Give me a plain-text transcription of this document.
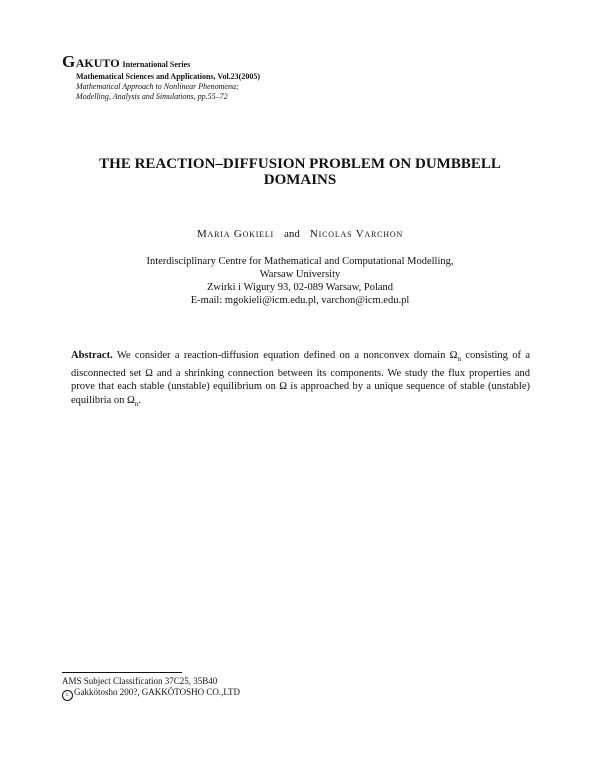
GAKUTO International Series
Mathematical Sciences and Applications, Vol.23(2005)
Mathematical Approach to Nonlinear Phenomena;
Modelling, Analysis and Simulations, pp.55–72
THE REACTION–DIFFUSION PROBLEM ON DUMBBELL
DOMAINS
Maria Gokieli and Nicolas Varchon
Interdisciplinary Centre for Mathematical and Computational Modelling,
Warsaw University
Zwirki i Wigury 93, 02-089 Warsaw, Poland
E-mail: mgokieli@icm.edu.pl, varchon@icm.edu.pl
Abstract. We consider a reaction-diffusion equation defined on a nonconvex domain $\Omega_n$ consisting of a disconnected set Ω and a shrinking connection between its components. We study the flux properties and prove that each stable (unstable) equilibrium on Ω is approached by a unique sequence of stable (unstable) equilibria on $\Omega_n$.
AMS Subject Classification 37C25, 35B40
c Gakkötosho 200?, GAKKÖTOSHO CO.,LTD
